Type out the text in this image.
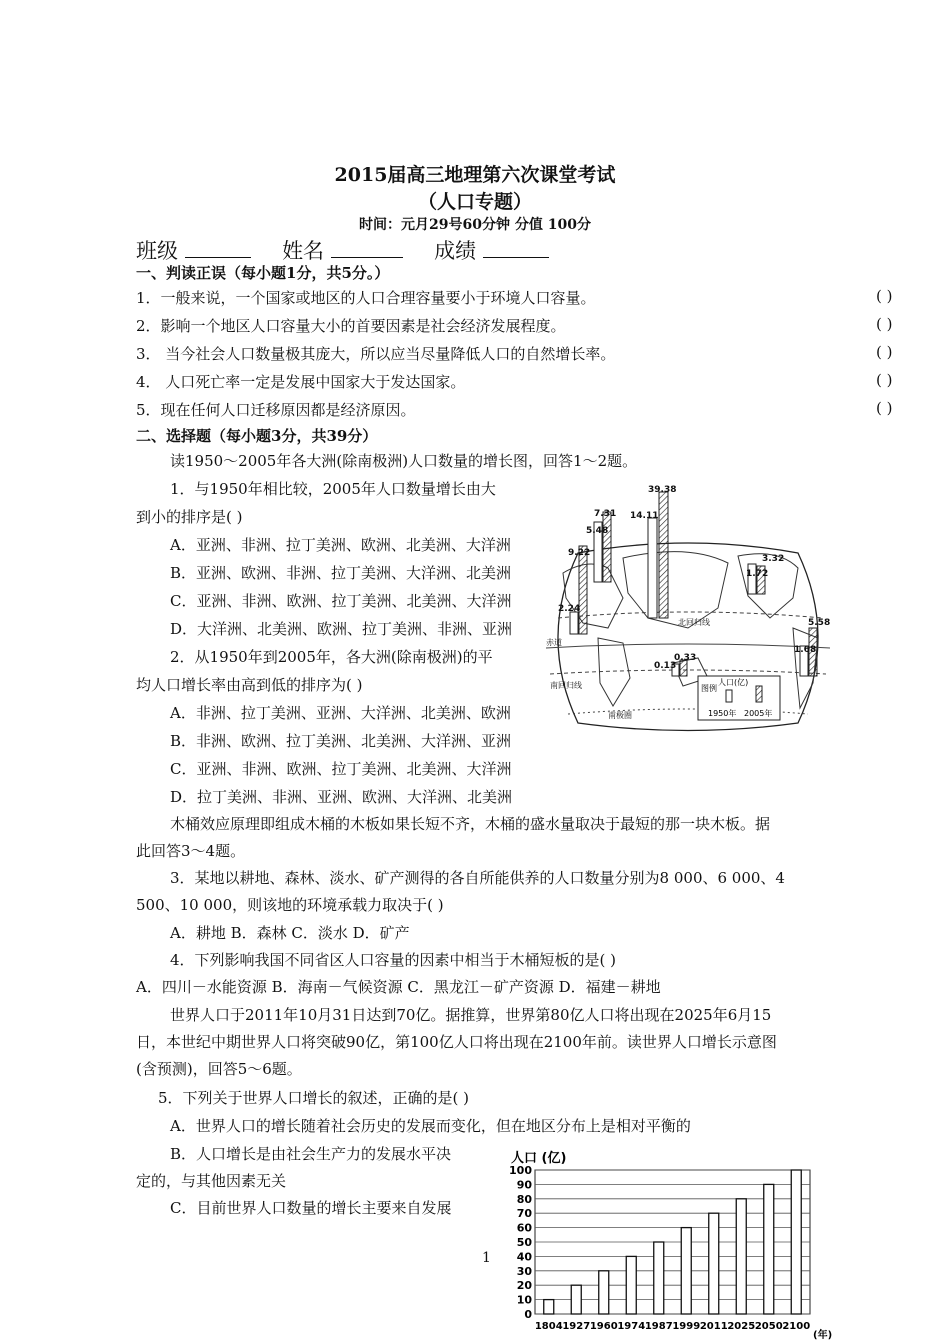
2015届高三地理第六次课堂考试
（人口专题）
时间：元月29号60分钟 分值 100分
班级	姓名	成绩
一、判读正误（每小题1分，共5分。）
1．一般来说，一个国家或地区的人口合理容量要小于环境人口容量。	( )
2．影响一个地区人口容量大小的首要因素是社会经济发展程度。	( )
3． 当今社会人口数量极其庞大，所以应当尽量降低人口的自然增长率。	( )
4． 人口死亡率一定是发展中国家大于发达国家。	( )
5．现在任何人口迁移原因都是经济原因。	( )
二、选择题（每小题3分，共39分）
读1950～2005年各大洲(除南极洲)人口数量的增长图，回答1～2题。
1．与1950年相比较，2005年人口数量增长由大
到小的排序是( )
A．亚洲、非洲、拉丁美洲、欧洲、北美洲、大洋洲
B．亚洲、欧洲、非洲、拉丁美洲、大洋洲、北美洲
C．亚洲、非洲、欧洲、拉丁美洲、北美洲、大洋洲
D．大洋洲、北美洲、欧洲、拉丁美洲、非洲、亚洲
2．从1950年到2005年，各大洲(除南极洲)的平
均人口增长率由高到低的排序为( )
A．非洲、拉丁美洲、亚洲、大洋洲、北美洲、欧洲
B．非洲、欧洲、拉丁美洲、北美洲、大洋洲、亚洲
C．亚洲、非洲、欧洲、拉丁美洲、北美洲、大洋洲
D．拉丁美洲、非洲、亚洲、欧洲、大洋洲、北美洲
木桶效应原理即组成木桶的木板如果长短不齐，木桶的盛水量取决于最短的那一块木板。据
此回答3～4题。
3．某地以耕地、森林、淡水、矿产测得的各自所能供养的人口数量分别为8 000、6 000、4
500、10 000，则该地的环境承载力取决于( )
A．耕地 B．森林 C．淡水 D．矿产
4．下列影响我国不同省区人口容量的因素中相当于木桶短板的是( )
A．四川－水能资源 B．海南－气候资源 C．黑龙江－矿产资源 D．福建－耕地
世界人口于2011年10月31日达到70亿。据推算，世界第80亿人口将出现在2025年6月15
日，本世纪中期世界人口将突破90亿，第100亿人口将出现在2100年前。读世界人口增长示意图
(含预测)，回答5～6题。
5．下列关于世界人口增长的叙述，正确的是( )
A．世界人口的增长随着社会历史的发展而变化，但在地区分布上是相对平衡的
B．人口增长是由社会生产力的发展水平决
定的，与其他因素无关
C．目前世界人口数量的增长主要来自发展
1
39.38
14.11
7.31
5.48
9.22
2.24
3.32
1.72
5.58
1.68
0.33
0.13
北回归线
赤道
南回归线
南极圈
图例
人口(亿)
1950年 2005年
人口 (亿)
0
10
20
30
40
50
60
70
80
90
100
1804 1927 1960 1974 1987 1999 2011 2025 2050 2100
(年)
